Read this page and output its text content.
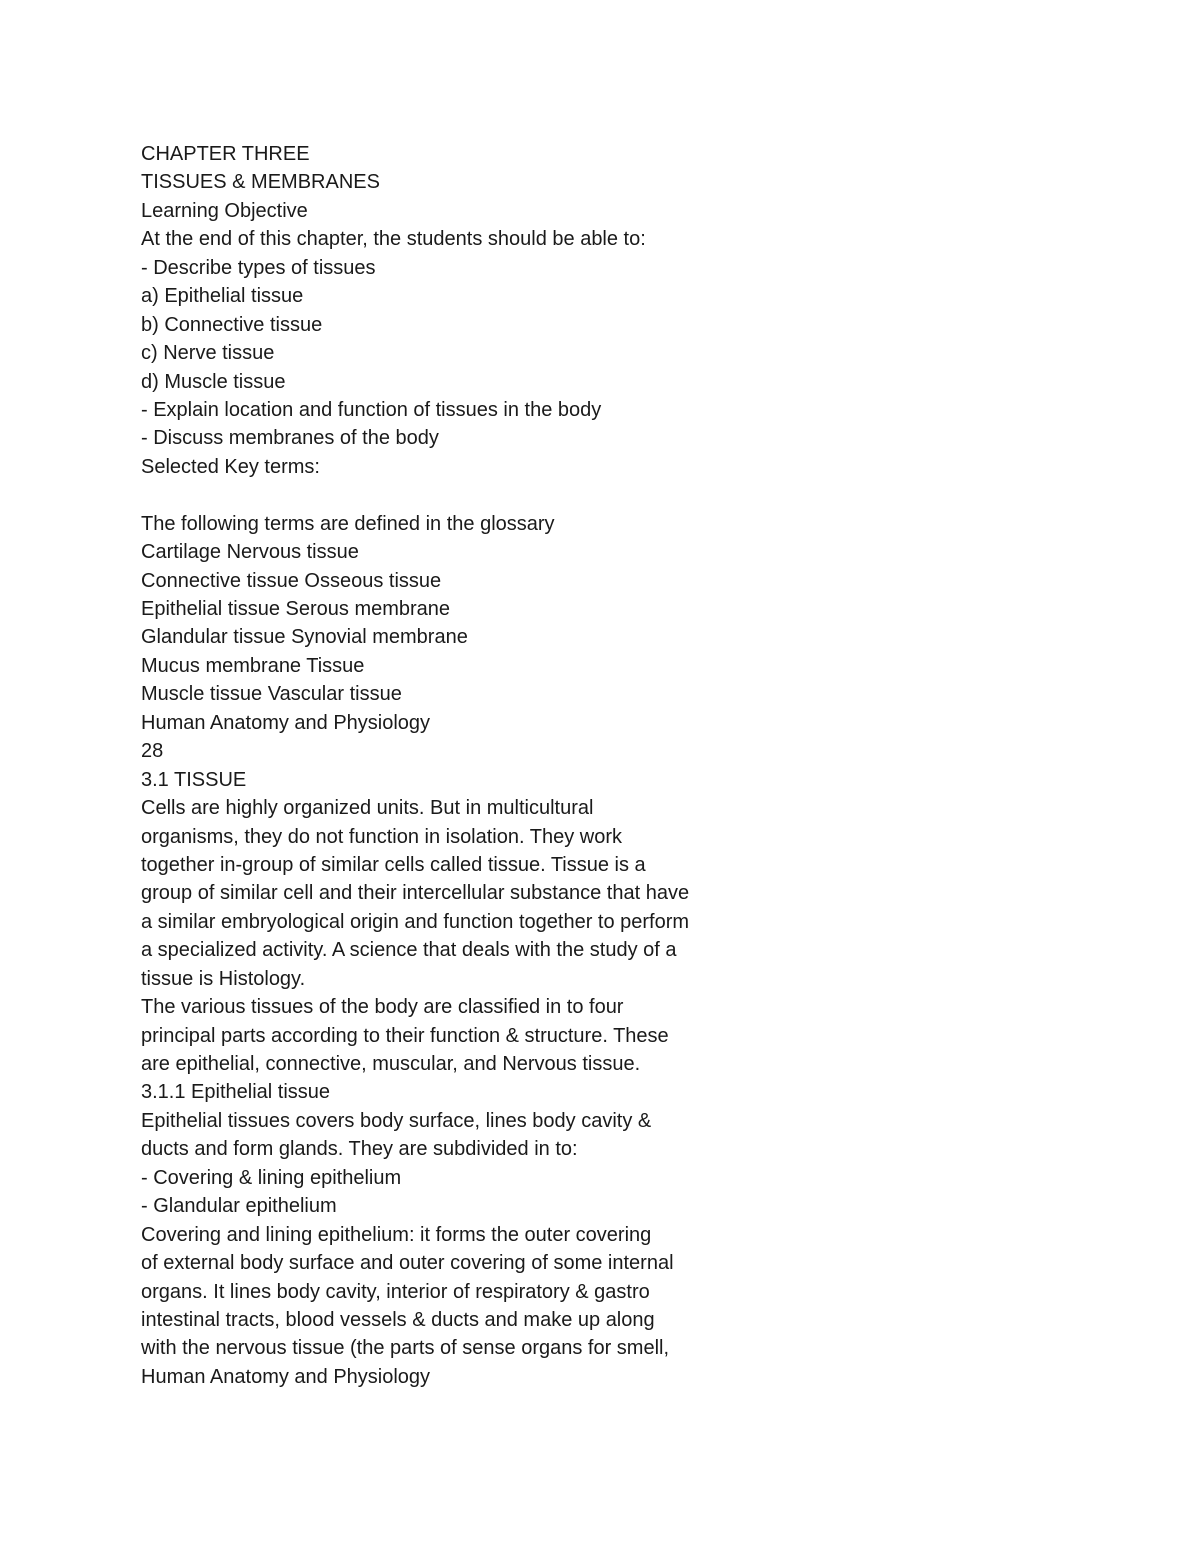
CHAPTER THREE
TISSUES & MEMBRANES
Learning Objective
At the end of this chapter, the students should be able to:
- Describe types of tissues
a) Epithelial tissue
b) Connective tissue
c) Nerve tissue
d) Muscle tissue
- Explain location and function of tissues in the body
- Discuss membranes of the body
Selected Key terms:
The following terms are defined in the glossary
Cartilage Nervous tissue
Connective tissue Osseous tissue
Epithelial tissue Serous membrane
Glandular tissue Synovial membrane
Mucus membrane Tissue
Muscle tissue Vascular tissue
Human Anatomy and Physiology
28
3.1 TISSUE
Cells are highly organized units. But in multicultural
organisms, they do not function in isolation. They work
together in-group of similar cells called tissue. Tissue is a
group of similar cell and their intercellular substance that have
a similar embryological origin and function together to perform
a specialized activity. A science that deals with the study of a
tissue is Histology.
The various tissues of the body are classified in to four
principal parts according to their function & structure. These
are epithelial, connective, muscular, and Nervous tissue.
3.1.1 Epithelial tissue
Epithelial tissues covers body surface, lines body cavity &
ducts and form glands. They are subdivided in to:
- Covering & lining epithelium
- Glandular epithelium
Covering and lining epithelium: it forms the outer covering
of external body surface and outer covering of some internal
organs. It lines body cavity, interior of respiratory & gastro
intestinal tracts, blood vessels & ducts and make up along
with the nervous tissue (the parts of sense organs for smell,
Human Anatomy and Physiology
